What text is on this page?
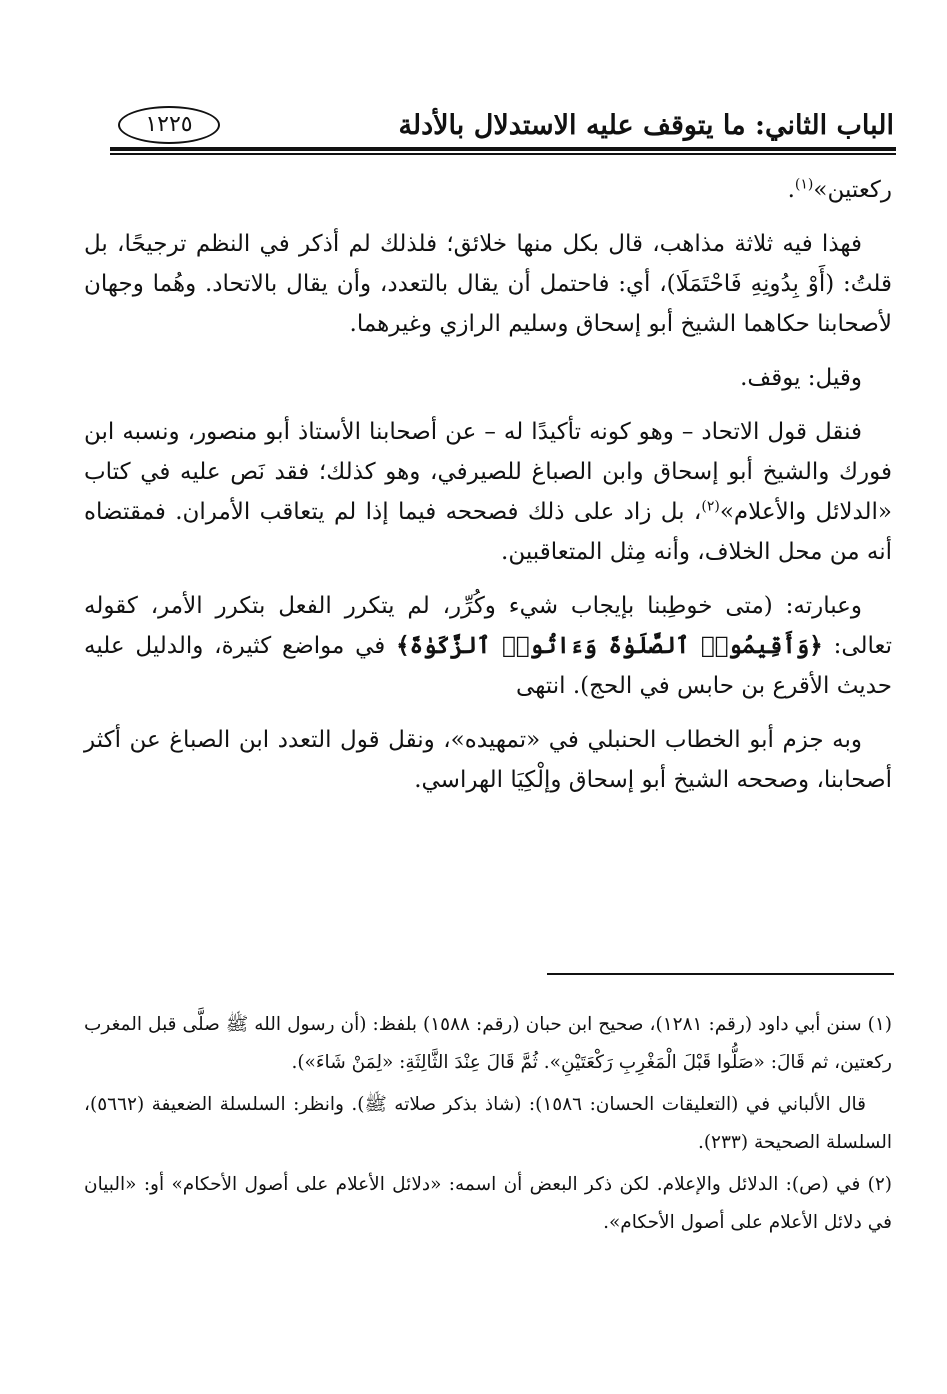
الباب الثاني: ما يتوقف عليه الاستدلال بالأدلة
١٢٢٥

ركعتين»$^{(١)}$.

فهذا فيه ثلاثة مذاهب، قال بكل منها خلائق؛ فلذلك لم أذكر في النظم ترجيحًا، بل قلتُ: (أَوْ بِدُونِهِ فَاحْتَمَلَا)، أي: فاحتمل أن يقال بالتعدد، وأن يقال بالاتحاد. وهُما وجهان لأصحابنا حكاهما الشيخ أبو إسحاق وسليم الرازي وغيرهما.

وقيل: يوقف.

فنقل قول الاتحاد – وهو كونه تأكيدًا له – عن أصحابنا الأستاذ أبو منصور، ونسبه ابن فورك والشيخ أبو إسحاق وابن الصباغ للصيرفي، وهو كذلك؛ فقد نَص عليه في كتاب «الدلائل والأعلام»$^{(٢)}$، بل زاد على ذلك فصححه فيما إذا لم يتعاقب الأمران. فمقتضاه أنه من محل الخلاف، وأنه مِثل المتعاقبين.

وعبارته: (متى خوطِبنا بإيجاب شيء وكُرِّر، لم يتكرر الفعل بتكرر الأمر، كقوله تعالى: ﴿وَأَقِيمُوا۟ ٱلصَّلَوٰةَ وَءَاتُوا۟ ٱلزَّكَوٰةَ﴾ في مواضع كثيرة، والدليل عليه حديث الأقرع بن حابس في الحج). انتهى

وبه جزم أبو الخطاب الحنبلي في «تمهيده»، ونقل قول التعدد ابن الصباغ عن أكثر أصحابنا، وصححه الشيخ أبو إسحاق وإلْكِيَا الهراسي.

(١) سنن أبي داود (رقم: ١٢٨١)، صحيح ابن حبان (رقم: ١٥٨٨) بلفظ: (أن رسول الله ﷺ صلَّى قبل المغرب ركعتين، ثم قَالَ: «صَلُّوا قَبْلَ الْمَغْرِبِ رَكْعَتَيْنِ». ثُمَّ قَالَ عِنْدَ الثَّالِثَةِ: «لِمَنْ شَاءَ»).

قال الألباني في (التعليقات الحسان: ١٥٨٦): (شاذ بذكر صلاته ﷺ). وانظر: السلسلة الضعيفة (٥٦٦٢)، السلسلة الصحيحة (٢٣٣).

(٢) في (ص): الدلائل والإعلام. لكن ذكر البعض أن اسمه: «دلائل الأعلام على أصول الأحكام» أو: «البيان في دلائل الأعلام على أصول الأحكام».
